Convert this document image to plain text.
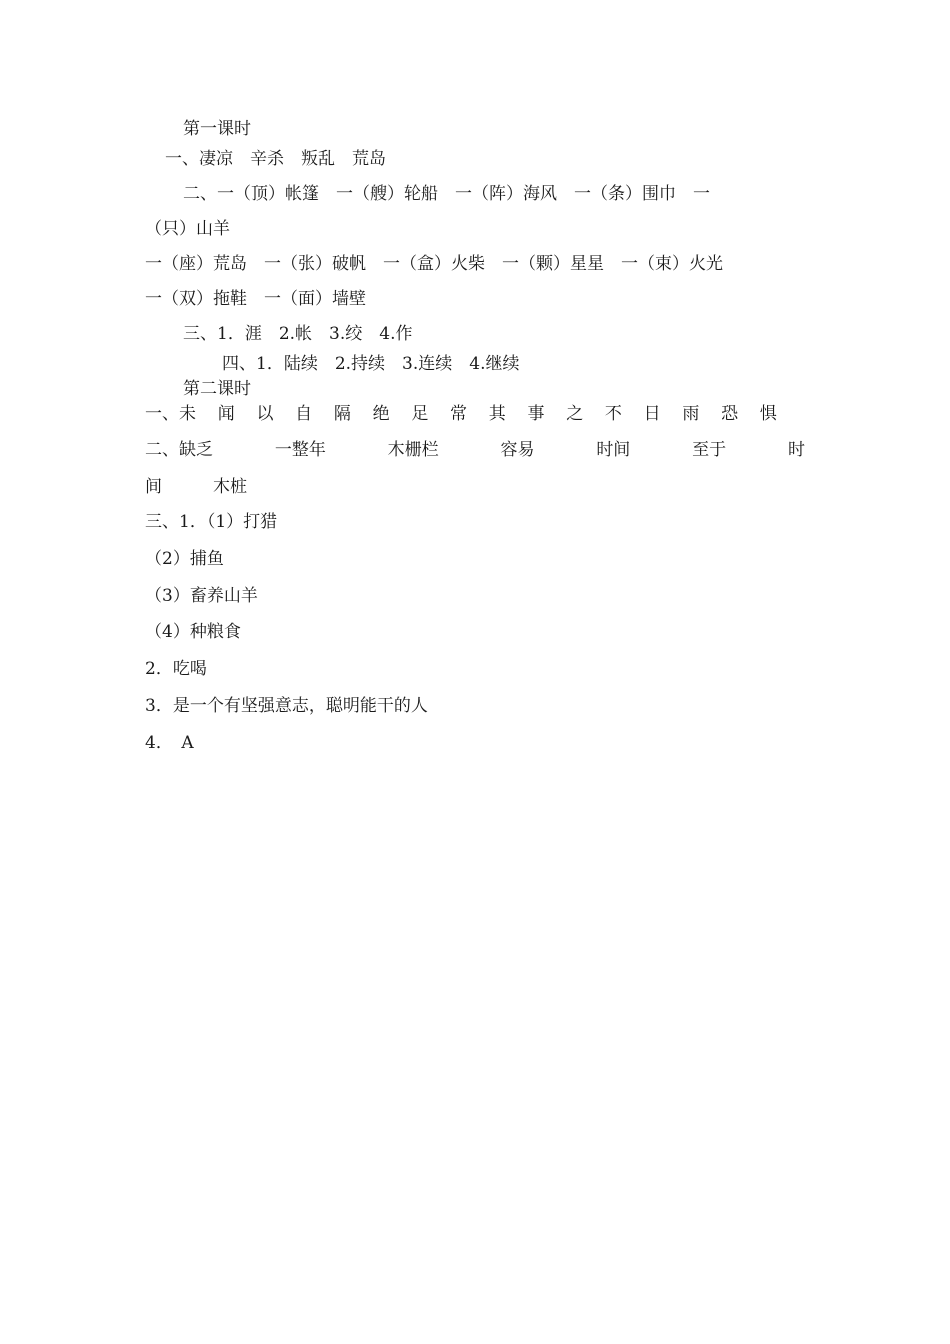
第一课时
一、凄凉　辛杀　叛乱　荒岛
二、一（顶）帐篷　一（艘）轮船　一（阵）海风　一（条）围巾　一
（只）山羊
一（座）荒岛　一（张）破帆　一（盒）火柴　一（颗）星星　一（束）火光
一（双）拖鞋　一（面）墙壁
三、1．涯　2.帐　3.绞　4.作
四、1．陆续　2.持续　3.连续　4.继续
第二课时
一、未 闻 以 自 隔 绝 足 常 其 事 之 不 日 雨 恐 惧
二、缺乏	一整年	木栅栏	容易	时间	至于	时
间　　　木桩
三、1．（1）打猎
（2）捕鱼
（3）畜养山羊
（4）种粮食
2．吃喝
3．是一个有坚强意志，聪明能干的人
4．　A
